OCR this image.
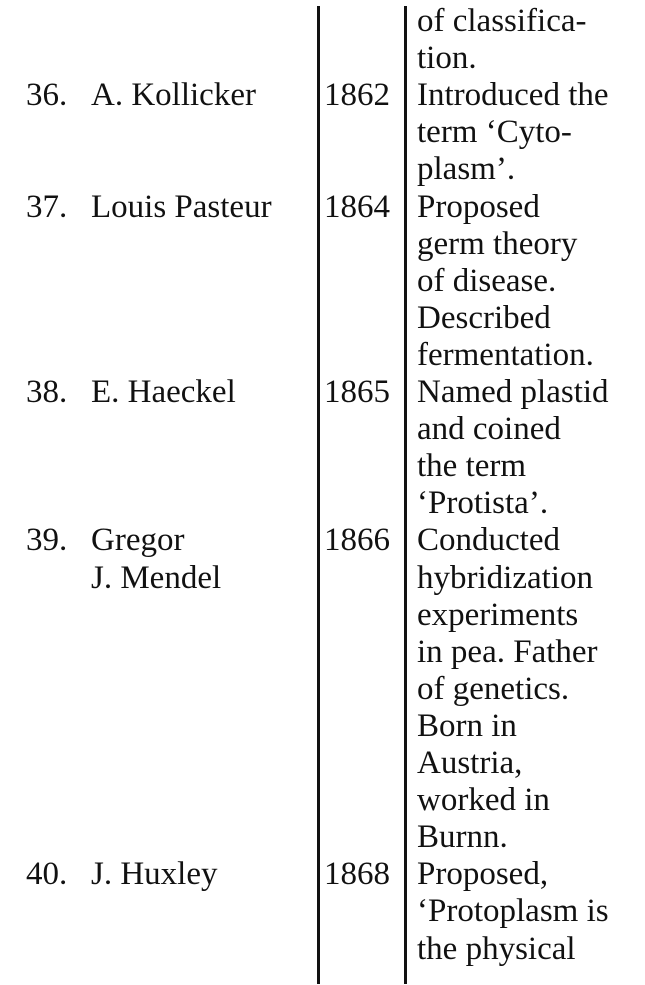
of classifica-
tion.
36. A. Kollicker	1862 Introduced the
term ‘Cyto-
plasm’.
37. Louis Pasteur	1864 Proposed
germ theory
of disease.
Described
fermentation.
38. E. Haeckel	1865 Named plastid
and coined
the term
‘Protista’.
39. Gregor
J. Mendel
1866 Conducted
hybridization
experiments
in pea. Father
of genetics.
Born in
Austria,
worked in
Burnn.
40. J. Huxley	1868 Proposed,
‘Protoplasm is
the physical
